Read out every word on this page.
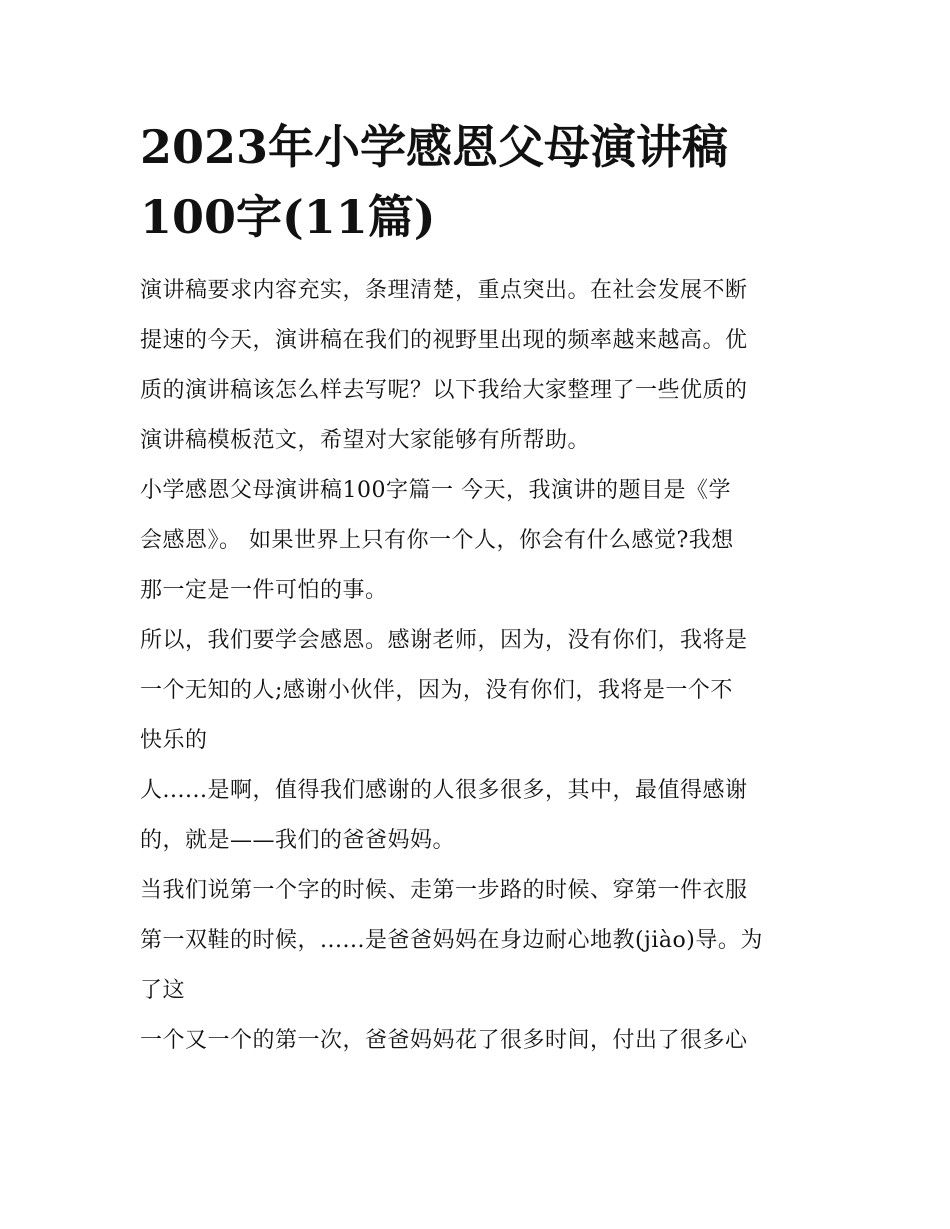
2023年小学感恩父母演讲稿
100字(11篇)

演讲稿要求内容充实，条理清楚，重点突出。在社会发展不断
提速的今天，演讲稿在我们的视野里出现的频率越来越高。优
质的演讲稿该怎么样去写呢？以下我给大家整理了一些优质的
演讲稿模板范文，希望对大家能够有所帮助。

小学感恩父母演讲稿100字篇一 今天，我演讲的题目是《学
会感恩》。 如果世界上只有你一个人，你会有什么感觉?我想
那一定是一件可怕的事。

所以，我们要学会感恩。感谢老师，因为，没有你们，我将是
一个无知的人;感谢小伙伴，因为，没有你们，我将是一个不
快乐的

人......是啊，值得我们感谢的人很多很多，其中，最值得感谢
的，就是——我们的爸爸妈妈。

当我们说第一个字的时候、走第一步路的时候、穿第一件衣服
第一双鞋的时候，......是爸爸妈妈在身边耐心地教(jiào)导。为
了这

一个又一个的第一次，爸爸妈妈花了很多时间，付出了很多心
